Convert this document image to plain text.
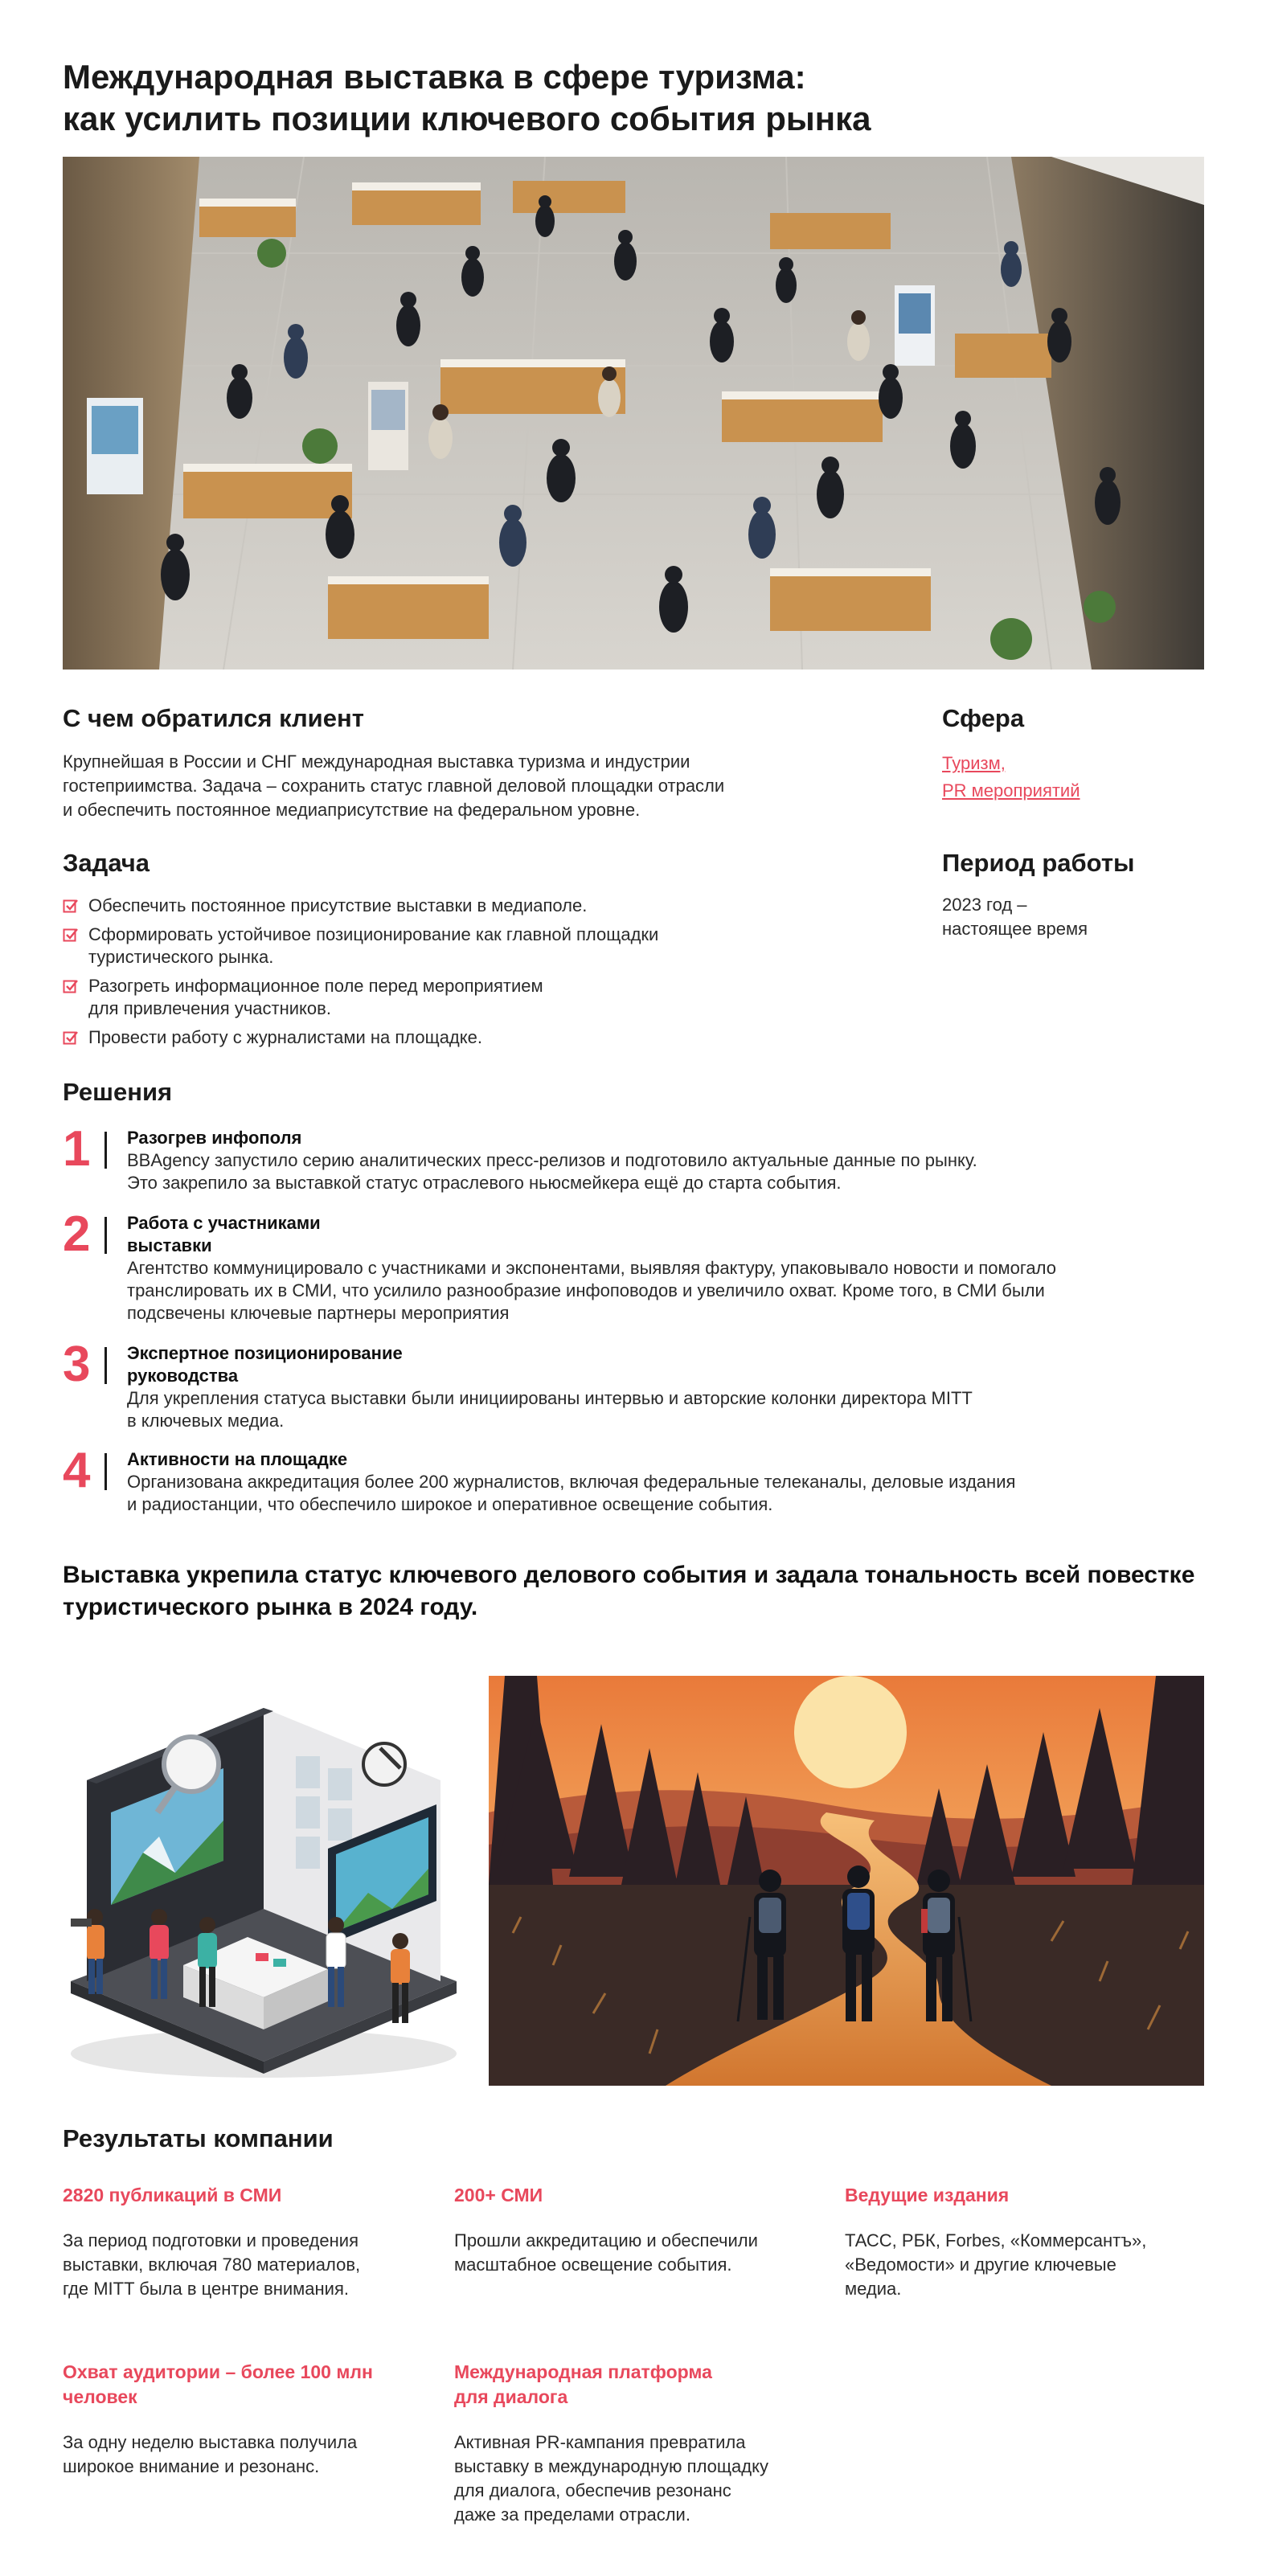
Международная выставка в сфере туризма:
как усилить позиции ключевого события рынка
С чем обратился клиент

Крупнейшая в России и СНГ международная выставка туризма и индустрии
гостеприимства. Задача – сохранить статус главной деловой площадки отрасли
и обеспечить постоянное медиаприсутствие на федеральном уровне.

Сфера
Туризм,
PR мероприятий
Задача
Обеспечить постоянное присутствие выставки в медиаполе.
Сформировать устойчивое позиционирование как главной площадки
туристического рынка.
Разогреть информационное поле перед мероприятием
для привлечения участников.
Провести работу с журналистами на площадке.
Период работы

2023 год –
настоящее время

Решения
1 Разогрев инфополя
BBAgency запустило серию аналитических пресс-релизов и подготовило актуальные данные по рынку.
Это закрепило за выставкой статус отраслевого ньюсмейкера ещё до старта события.
2 Работа с участниками
выставки
Агентство коммуницировало с участниками и экспонентами, выявляя фактуру, упаковывало новости и помогало
транслировать их в СМИ, что усилило разнообразие инфоповодов и увеличило охват. Кроме того, в СМИ были
подсвечены ключевые партнеры мероприятия
3 Экспертное позиционирование
руководства
Для укрепления статуса выставки были инициированы интервью и авторские колонки директора MITT
в ключевых медиа.
4 Активности на площадке
Организована аккредитация более 200 журналистов, включая федеральные телеканалы, деловые издания
и радиостанции, что обеспечило широкое и оперативное освещение события.
Выставка укрепила статус ключевого делового события и задала тональность всей повестке
туристического рынка в 2024 году.
Результаты компании
2820 публикаций в СМИ
За период подготовки и проведения
выставки, включая 780 материалов,
где MITT была в центре внимания.
200+ СМИ
Прошли аккредитацию и обеспечили
масштабное освещение события.
Ведущие издания
ТАСС, РБК, Forbes, «Коммерсантъ»,
«Ведомости» и другие ключевые
медиа.
Охват аудитории – более 100 млн
человек
За одну неделю выставка получила
широкое внимание и резонанс.
Международная платформа
для диалога
Активная PR-кампания превратила
выставку в международную площадку
для диалога, обеспечив резонанс
даже за пределами отрасли.
